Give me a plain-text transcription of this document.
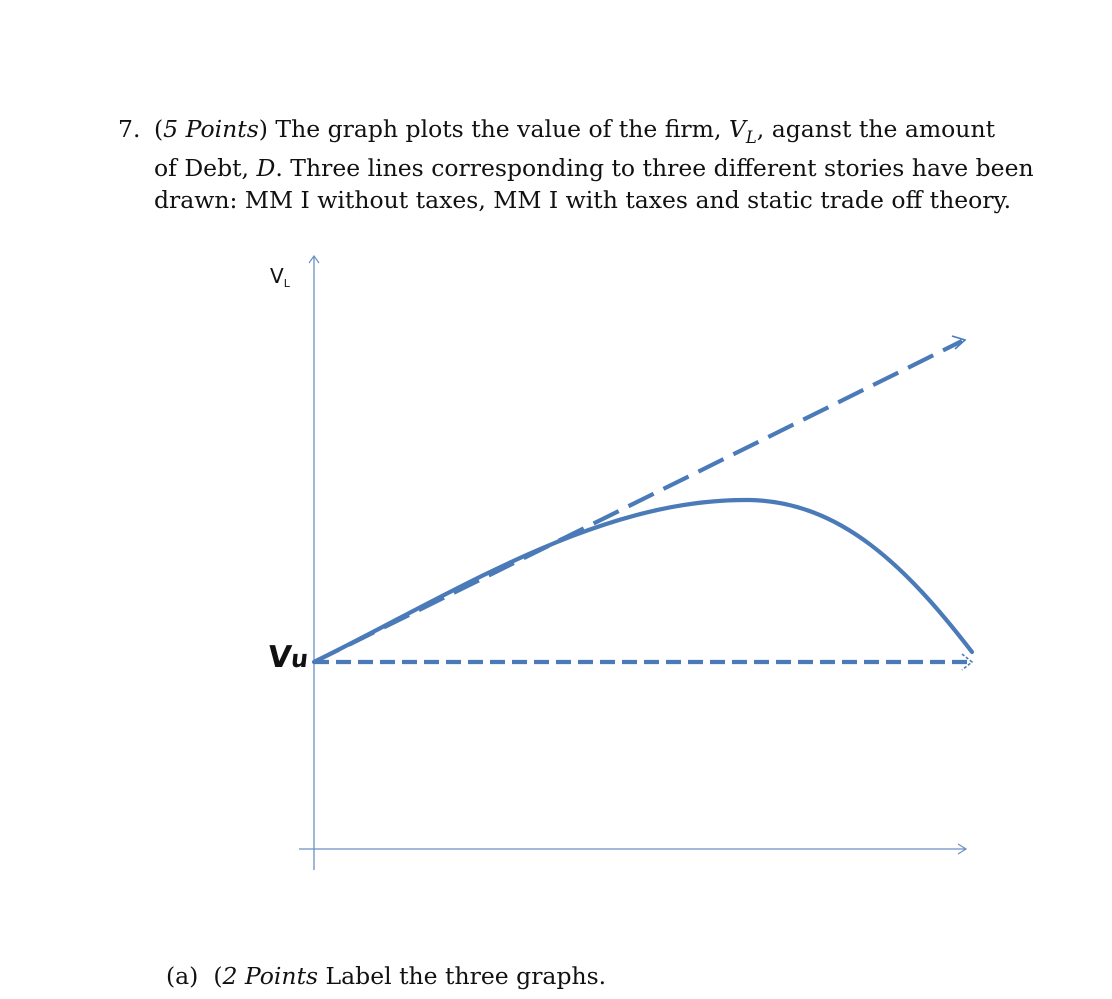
7. (5 Points) The graph plots the value of the firm, $V_L$, aganst the amount
of Debt, D. Three lines corresponding to three different stories have been
drawn: MM I without taxes, MM I with taxes and static trade off theory.
$V_L$
Vu
(a) (2 Points Label the three graphs.
